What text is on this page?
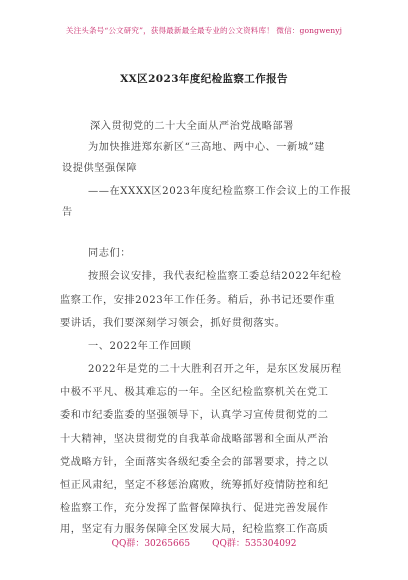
关注头条号“公文研究”，获得最新最全最专业的公文资料库！ 微信：gongwenyj
XX区2023年度纪检监察工作报告
深入贯彻党的二十大全面从严治党战略部署
为加快推进郑东新区“三高地、两中心、一新城”建
设提供坚强保障
——在XXXX区2023年度纪检监察工作会议上的工作报
告
同志们：
按照会议安排，我代表纪检监察工委总结2022年纪检
监察工作，安排2023年工作任务。稍后，孙书记还要作重
要讲话，我们要深刻学习领会，抓好贯彻落实。
一、2022年工作回顾
2022年是党的二十大胜利召开之年，是东区发展历程
中极不平凡、极其难忘的一年。全区纪检监察机关在党工
委和市纪委监委的坚强领导下，认真学习宣传贯彻党的二
十大精神，坚决贯彻党的自我革命战略部署和全面从严治
党战略方针，全面落实各级纪委全会的部署要求，持之以
恒正风肃纪，坚定不移惩治腐败，统筹抓好疫情防控和纪
检监察工作，充分发挥了监督保障执行、促进完善发展作
用，坚定有力服务保障全区发展大局，纪检监察工作高质
QQ群：30265665 QQ群：535304092
